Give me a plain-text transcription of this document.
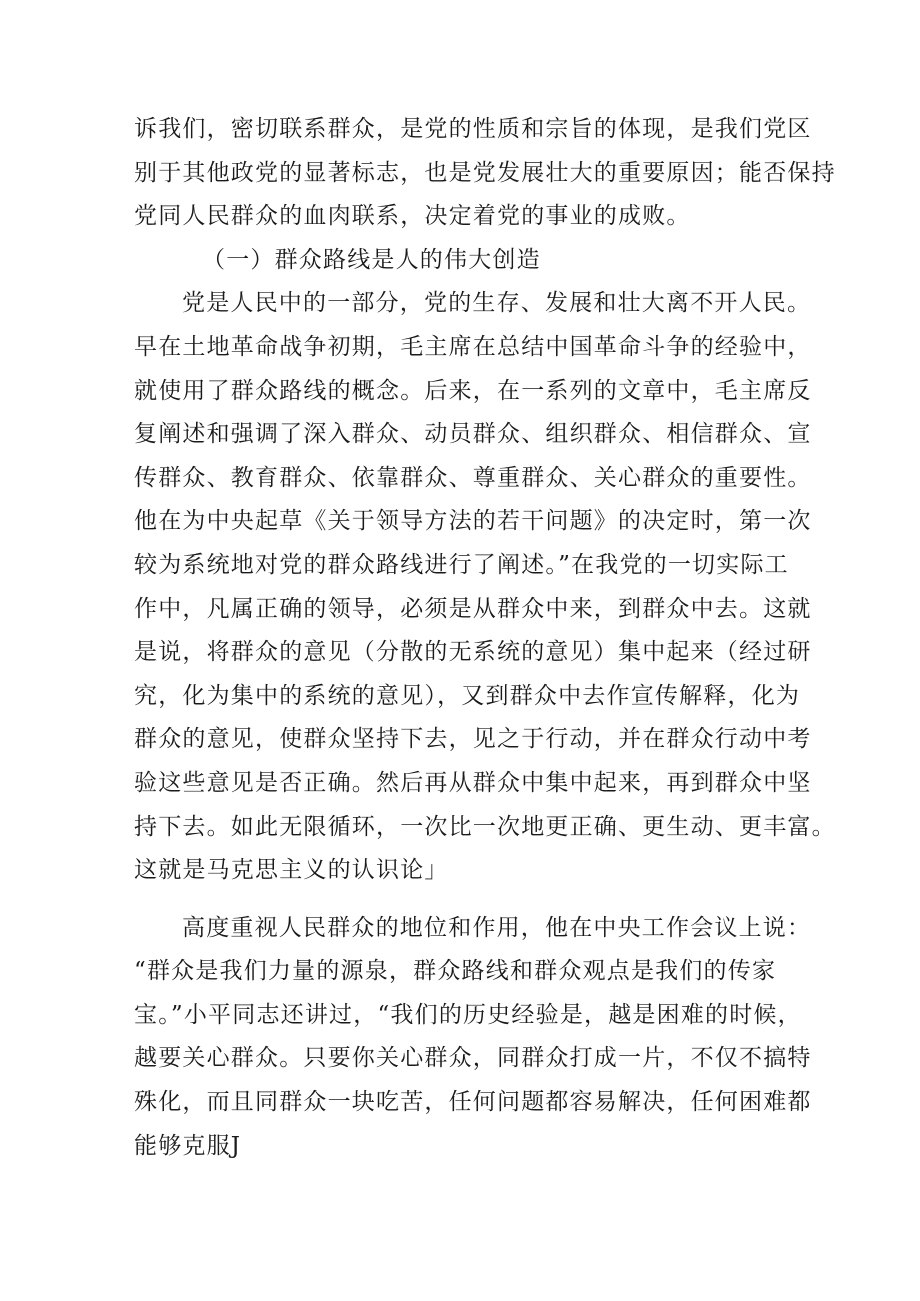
诉我们，密切联系群众，是党的性质和宗旨的体现，是我们党区
别于其他政党的显著标志，也是党发展壮大的重要原因；能否保持
党同人民群众的血肉联系，决定着党的事业的成败。
（一）群众路线是人的伟大创造
党是人民中的一部分，党的生存、发展和壮大离不开人民。
早在土地革命战争初期，毛主席在总结中国革命斗争的经验中，
就使用了群众路线的概念。后来，在一系列的文章中，毛主席反
复阐述和强调了深入群众、动员群众、组织群众、相信群众、宣
传群众、教育群众、依靠群众、尊重群众、关心群众的重要性。
他在为中央起草《关于领导方法的若干问题》的决定时，第一次
较为系统地对党的群众路线进行了阐述。”在我党的一切实际工
作中，凡属正确的领导，必须是从群众中来，到群众中去。这就
是说，将群众的意见（分散的无系统的意见）集中起来（经过研
究，化为集中的系统的意见），又到群众中去作宣传解释，化为
群众的意见，使群众坚持下去，见之于行动，并在群众行动中考
验这些意见是否正确。然后再从群众中集中起来，再到群众中坚
持下去。如此无限循环，一次比一次地更正确、更生动、更丰富。
这就是马克思主义的认识论」
高度重视人民群众的地位和作用，他在中央工作会议上说：
“群众是我们力量的源泉，群众路线和群众观点是我们的传家
宝。”小平同志还讲过，“我们的历史经验是，越是困难的时候，
越要关心群众。只要你关心群众，同群众打成一片，不仅不搞特
殊化，而且同群众一块吃苦，任何问题都容易解决，任何困难都
能够克服J
